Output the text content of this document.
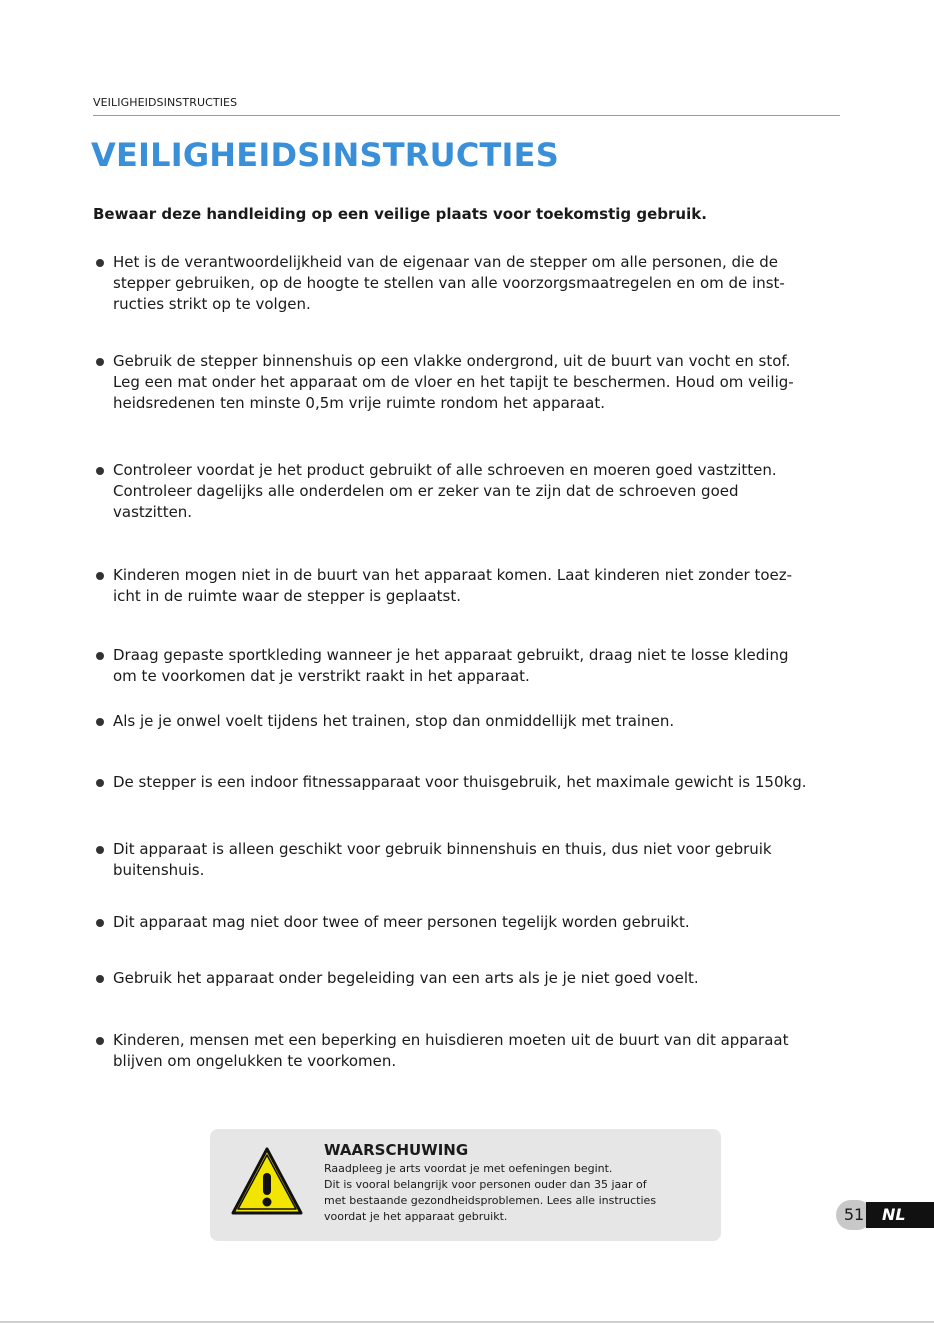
VEILIGHEIDSINSTRUCTIES
VEILIGHEIDSINSTRUCTIES

Bewaar deze handleiding op een veilige plaats voor toekomstig gebruik.

Het is de verantwoordelijkheid van de eigenaar van de stepper om alle personen, die de
stepper gebruiken, op de hoogte te stellen van alle voorzorgsmaatregelen en om de inst-
ructies strikt op te volgen.
Gebruik de stepper binnenshuis op een vlakke ondergrond, uit de buurt van vocht en stof.
Leg een mat onder het apparaat om de vloer en het tapijt te beschermen. Houd om veilig-
heidsredenen ten minste 0,5m vrije ruimte rondom het apparaat.
Controleer voordat je het product gebruikt of alle schroeven en moeren goed vastzitten.
Controleer dagelijks alle onderdelen om er zeker van te zijn dat de schroeven goed
vastzitten.
Kinderen mogen niet in de buurt van het apparaat komen. Laat kinderen niet zonder toez-
icht in de ruimte waar de stepper is geplaatst.
Draag gepaste sportkleding wanneer je het apparaat gebruikt, draag niet te losse kleding
om te voorkomen dat je verstrikt raakt in het apparaat.
Als je je onwel voelt tijdens het trainen, stop dan onmiddellijk met trainen.
De stepper is een indoor fitnessapparaat voor thuisgebruik, het maximale gewicht is 150kg.
Dit apparaat is alleen geschikt voor gebruik binnenshuis en thuis, dus niet voor gebruik
buitenshuis.
Dit apparaat mag niet door twee of meer personen tegelijk worden gebruikt.
Gebruik het apparaat onder begeleiding van een arts als je je niet goed voelt.
Kinderen, mensen met een beperking en huisdieren moeten uit de buurt van dit apparaat
blijven om ongelukken te voorkomen.
WAARSCHUWING
Raadpleeg je arts voordat je met oefeningen begint.
Dit is vooral belangrijk voor personen ouder dan 35 jaar of
met bestaande gezondheidsproblemen. Lees alle instructies
voordat je het apparaat gebruikt.	51	NL
